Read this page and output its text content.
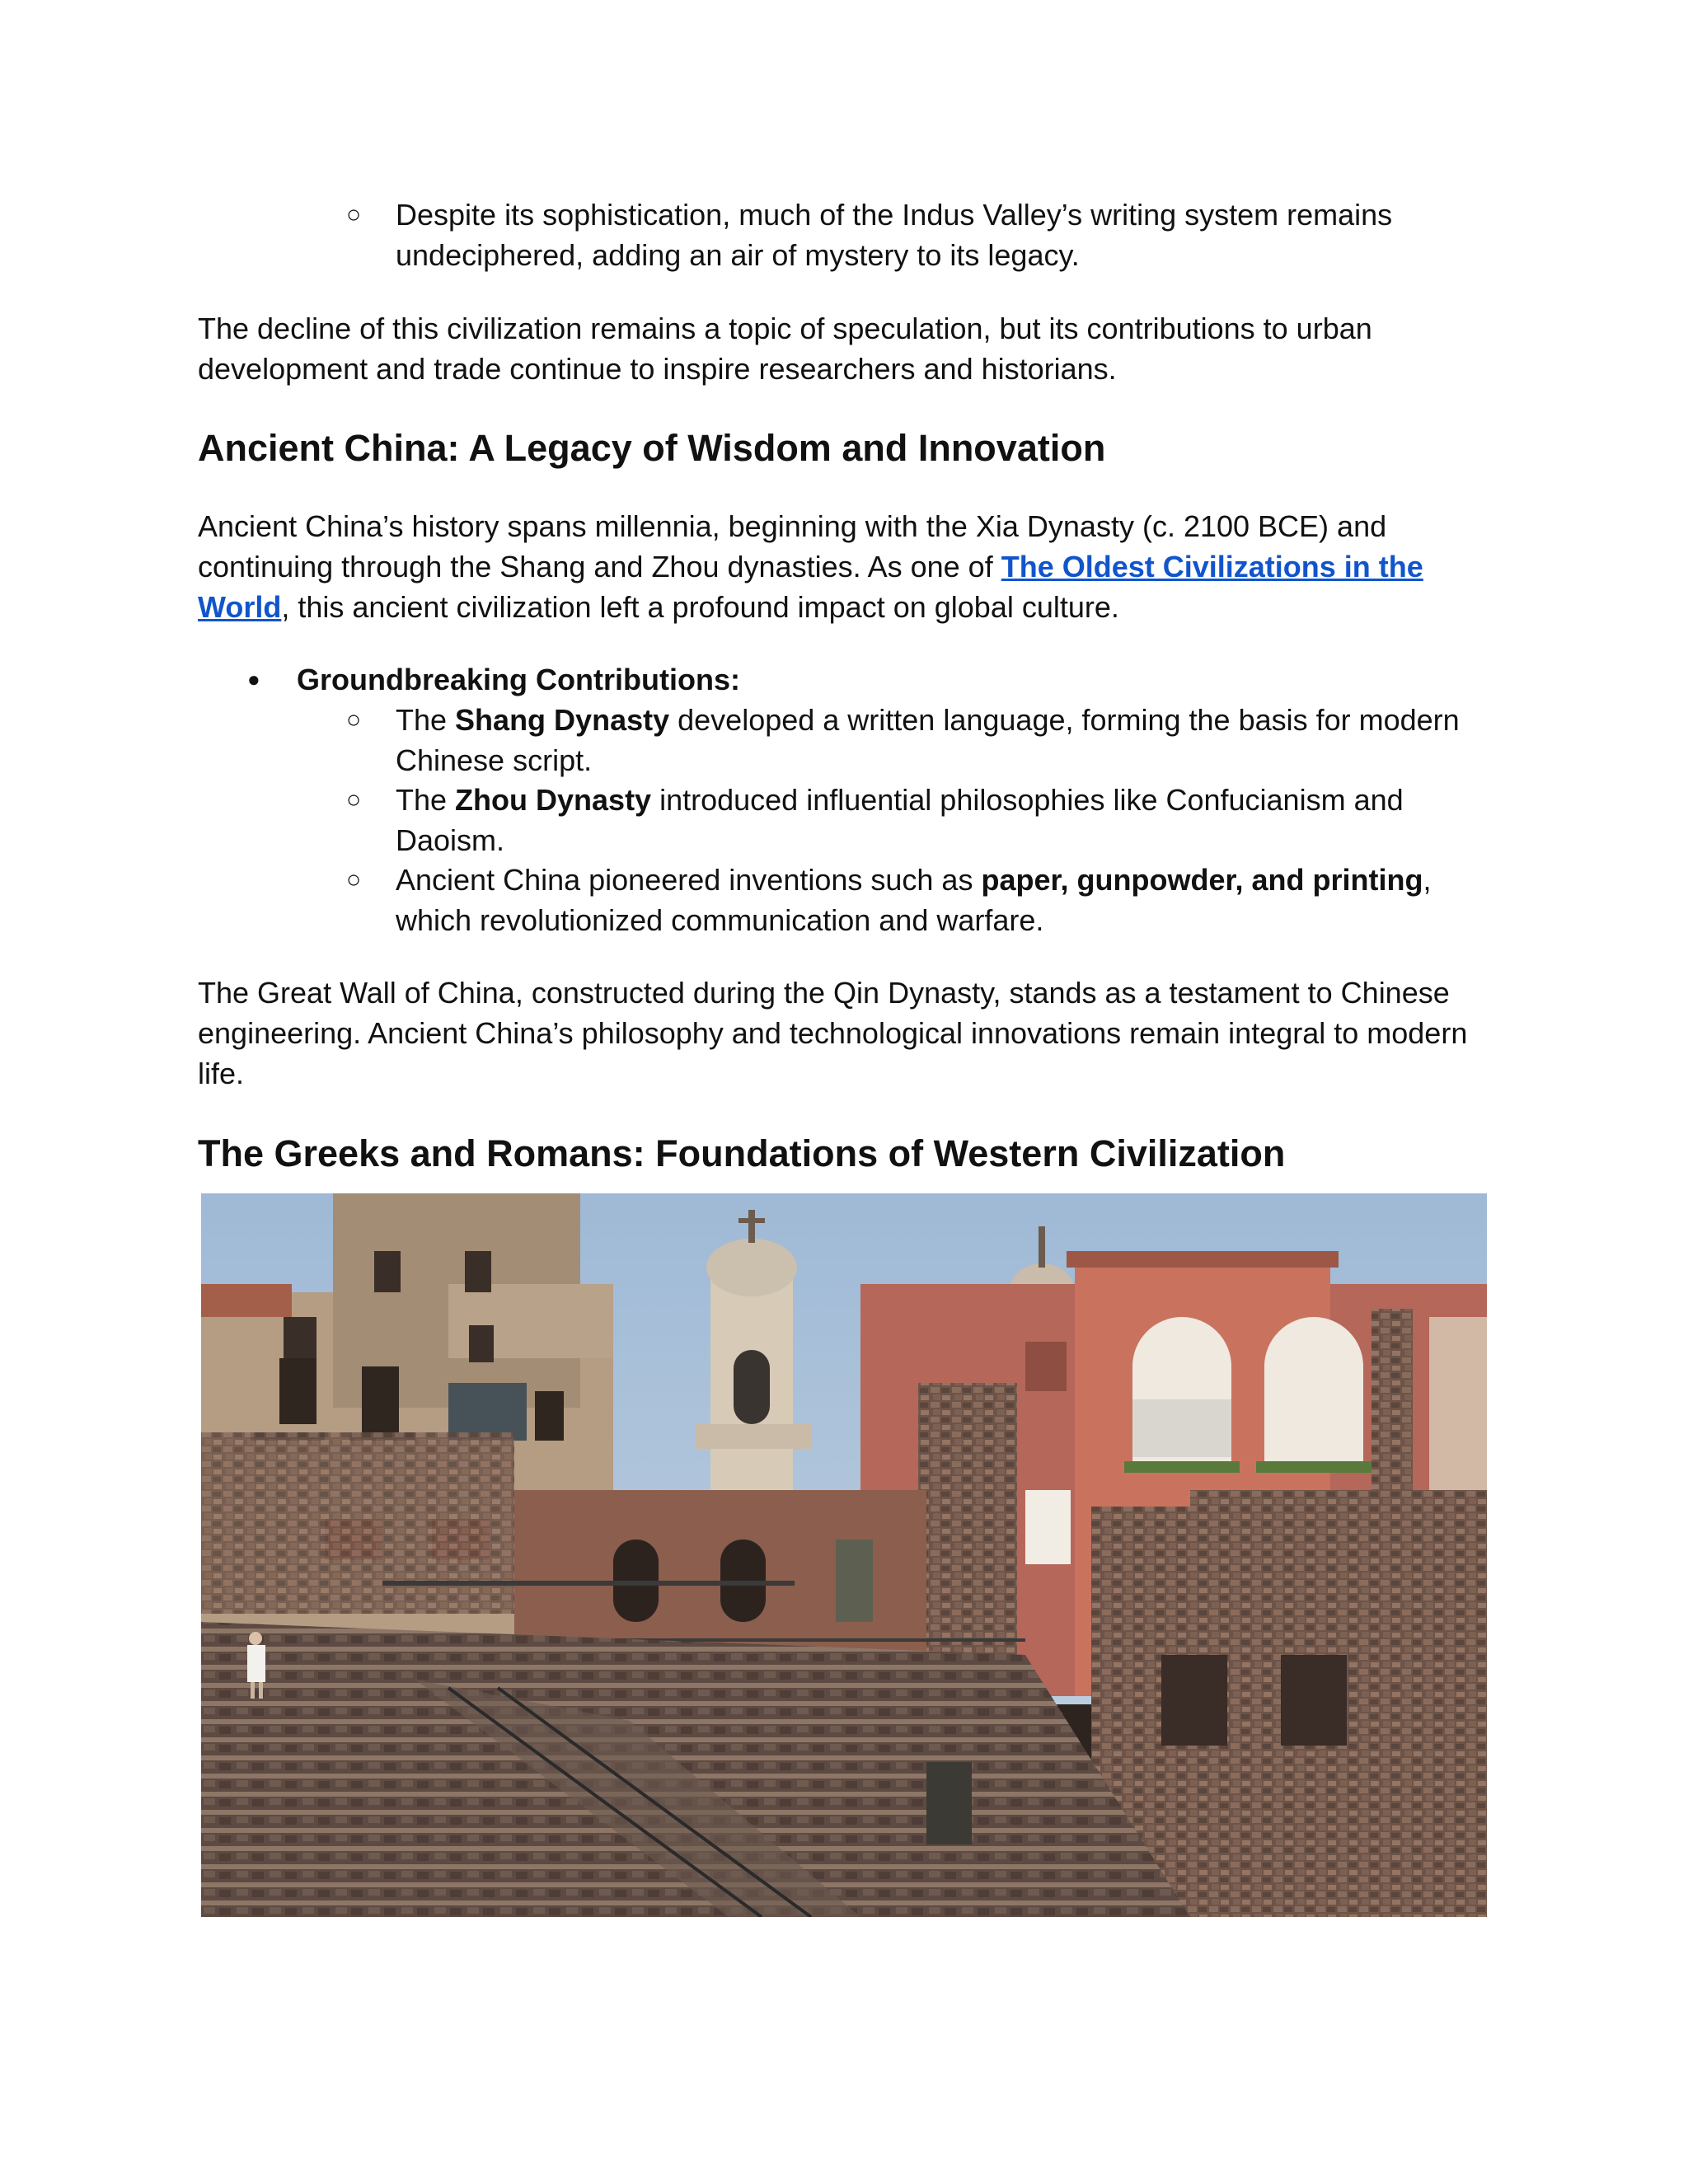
○ Despite its sophistication, much of the Indus Valley’s writing system remains undeciphered, adding an air of mystery to its legacy.

The decline of this civilization remains a topic of speculation, but its contributions to urban development and trade continue to inspire researchers and historians.

Ancient China: A Legacy of Wisdom and Innovation

Ancient China’s history spans millennia, beginning with the Xia Dynasty (c. 2100 BCE) and continuing through the Shang and Zhou dynasties. As one of The Oldest Civilizations in the World, this ancient civilization left a profound impact on global culture.

● Groundbreaking Contributions:

○ The Shang Dynasty developed a written language, forming the basis for modern Chinese script.

○ The Zhou Dynasty introduced influential philosophies like Confucianism and Daoism.

○ Ancient China pioneered inventions such as paper, gunpowder, and printing, which revolutionized communication and warfare.

The Great Wall of China, constructed during the Qin Dynasty, stands as a testament to Chinese engineering. Ancient China’s philosophy and technological innovations remain integral to modern life.

The Greeks and Romans: Foundations of Western Civilization
